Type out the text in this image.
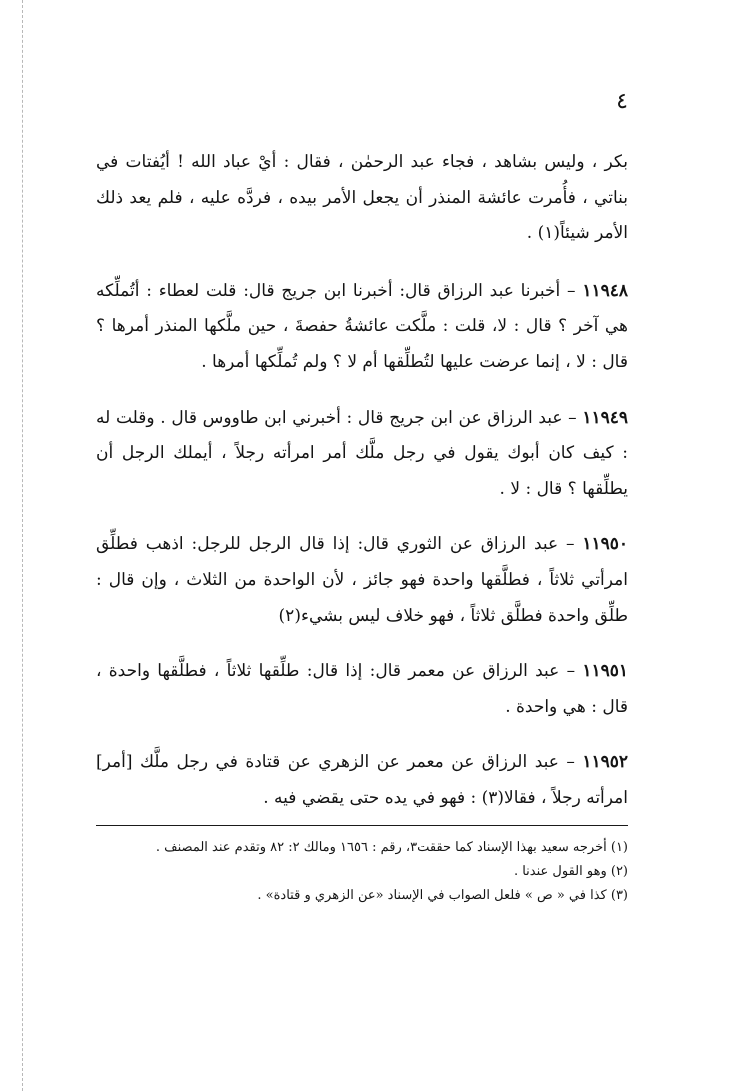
٤

بكر ، وليس بشاهد ، فجاء عبد الرحمٰن ، فقال : أيْ عباد الله ! أيُفتات في بناتي ، فأُمرت عائشة المنذر أن يجعل الأمر بيده ، فردَّه عليه ، فلم يعد ذلك الأمر شيئاً(١) .

١١٩٤٨ – أخبرنا عبد الرزاق قال: أخبرنا ابن جريج قال: قلت لعطاء : أتُملِّكه هي آخر ؟ قال : لا، قلت : ملَّكت عائشةُ حفصةَ ، حين ملَّكها المنذر أمرها ؟ قال : لا ، إنما عرضت عليها لتُطلِّقها أم لا ؟ ولم تُملِّكها أمرها .

١١٩٤٩ – عبد الرزاق عن ابن جريج قال : أخبرني ابن طاووس قال . وقلت له : كيف كان أبوك يقول في رجل ملَّك أمر امرأته رجلاً ، أيملك الرجل أن يطلِّقها ؟ قال : لا .

١١٩٥٠ – عبد الرزاق عن الثوري قال: إذا قال الرجل للرجل: اذهب فطلِّق امرأتي ثلاثاً ، فطلَّقها واحدة فهو جائز ، لأن الواحدة من الثلاث ، وإن قال : طلِّق واحدة فطلَّق ثلاثاً ، فهو خلاف ليس بشيء(٢)

١١٩٥١ – عبد الرزاق عن معمر قال: إذا قال: طلِّقها ثلاثاً ، فطلَّقها واحدة ، قال : هي واحدة .

١١٩٥٢ – عبد الرزاق عن معمر عن الزهري عن قتادة في رجل ملَّك [أمر] امرأته رجلاً ، فقالا(٣) : فهو في يده حتى يقضي فيه .

(١) أخرجه سعيد بهذا الإسناد كما حققت٣، رقم : ١٦٥٦ ومالك ٢: ٨٢ وتقدم عند المصنف .

(٢) وهو القول عندنا .

(٣) كذا في « ص » فلعل الصواب في الإسناد «عن الزهري و قتادة» .
